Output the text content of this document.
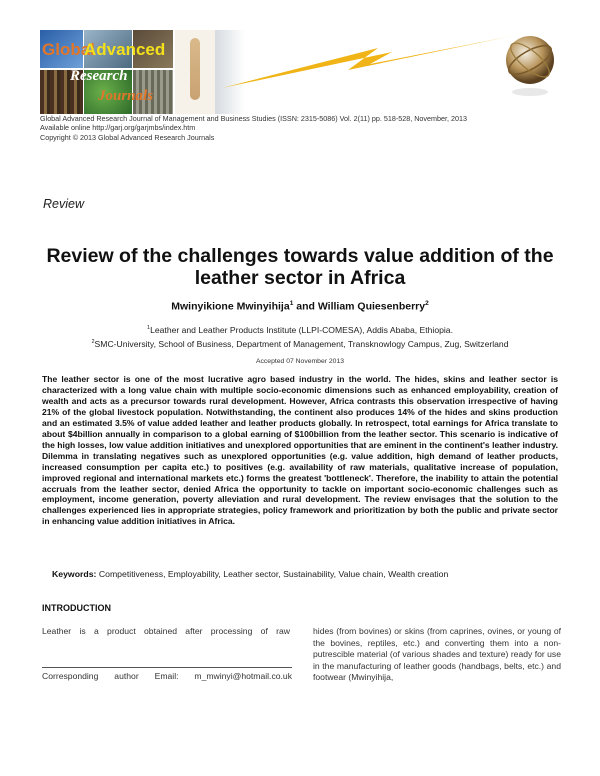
Global
Advanced
Research
Journals
Global Advanced Research Journal of Management and Business Studies (ISSN: 2315-5086) Vol. 2(11) pp. 518-528, November, 2013
Available online http://garj.org/garjmbs/index.htm
Copyright © 2013 Global Advanced Research Journals
Review
Review of the challenges towards value addition of the leather sector in Africa
Mwinyikione Mwinyihija$^1$ and William Quiesenberry$^2$
$^1$Leather and Leather Products Institute (LLPI-COMESA), Addis Ababa, Ethiopia.
$^2$SMC-University, School of Business, Department of Management, Transknowlogy Campus, Zug, Switzerland
Accepted 07 November 2013
The leather sector is one of the most lucrative agro based industry in the world. The hides, skins and leather sector is characterized with a long value chain with multiple socio-economic dimensions such as enhanced employability, creation of wealth and acts as a precursor towards rural development. However, Africa contrasts this observation irrespective of having 21% of the global livestock population. Notwithstanding, the continent also produces 14% of the hides and skins production and an estimated 3.5% of value added leather and leather products globally. In retrospect, total earnings for Africa translate to about $4billion annually in comparison to a global earning of $100billion from the leather sector. This scenario is indicative of the high losses, low value addition initiatives and unexplored opportunities that are eminent in the continent's leather industry. Dilemma in translating negatives such as unexplored opportunities (e.g. value addition, high demand of leather products, increased consumption per capita etc.) to positives (e.g. availability of raw materials, qualitative increase of population, improved regional and international markets etc.) forms the greatest 'bottleneck'. Therefore, the inability to attain the potential accruals from the leather sector, denied Africa the opportunity to tackle on important socio-economic challenges such as employment, income generation, poverty alleviation and rural development. The review envisages that the solution to the challenges experienced lies in appropriate strategies, policy framework and prioritization by both the public and private sector in enhancing value addition initiatives in Africa.
Keywords: Competitiveness, Employability, Leather sector, Sustainability, Value chain, Wealth creation
INTRODUCTION
Leather is a product obtained after processing of raw
Corresponding author Email: m_mwinyi@hotmail.co.uk
hides (from bovines) or skins (from caprines, ovines, or young of the bovines, reptiles, etc.) and converting them into a non-putrescible material (of various shades and texture) ready for use in the manufacturing of leather goods (handbags, belts, etc.) and footwear (Mwinyihija,
